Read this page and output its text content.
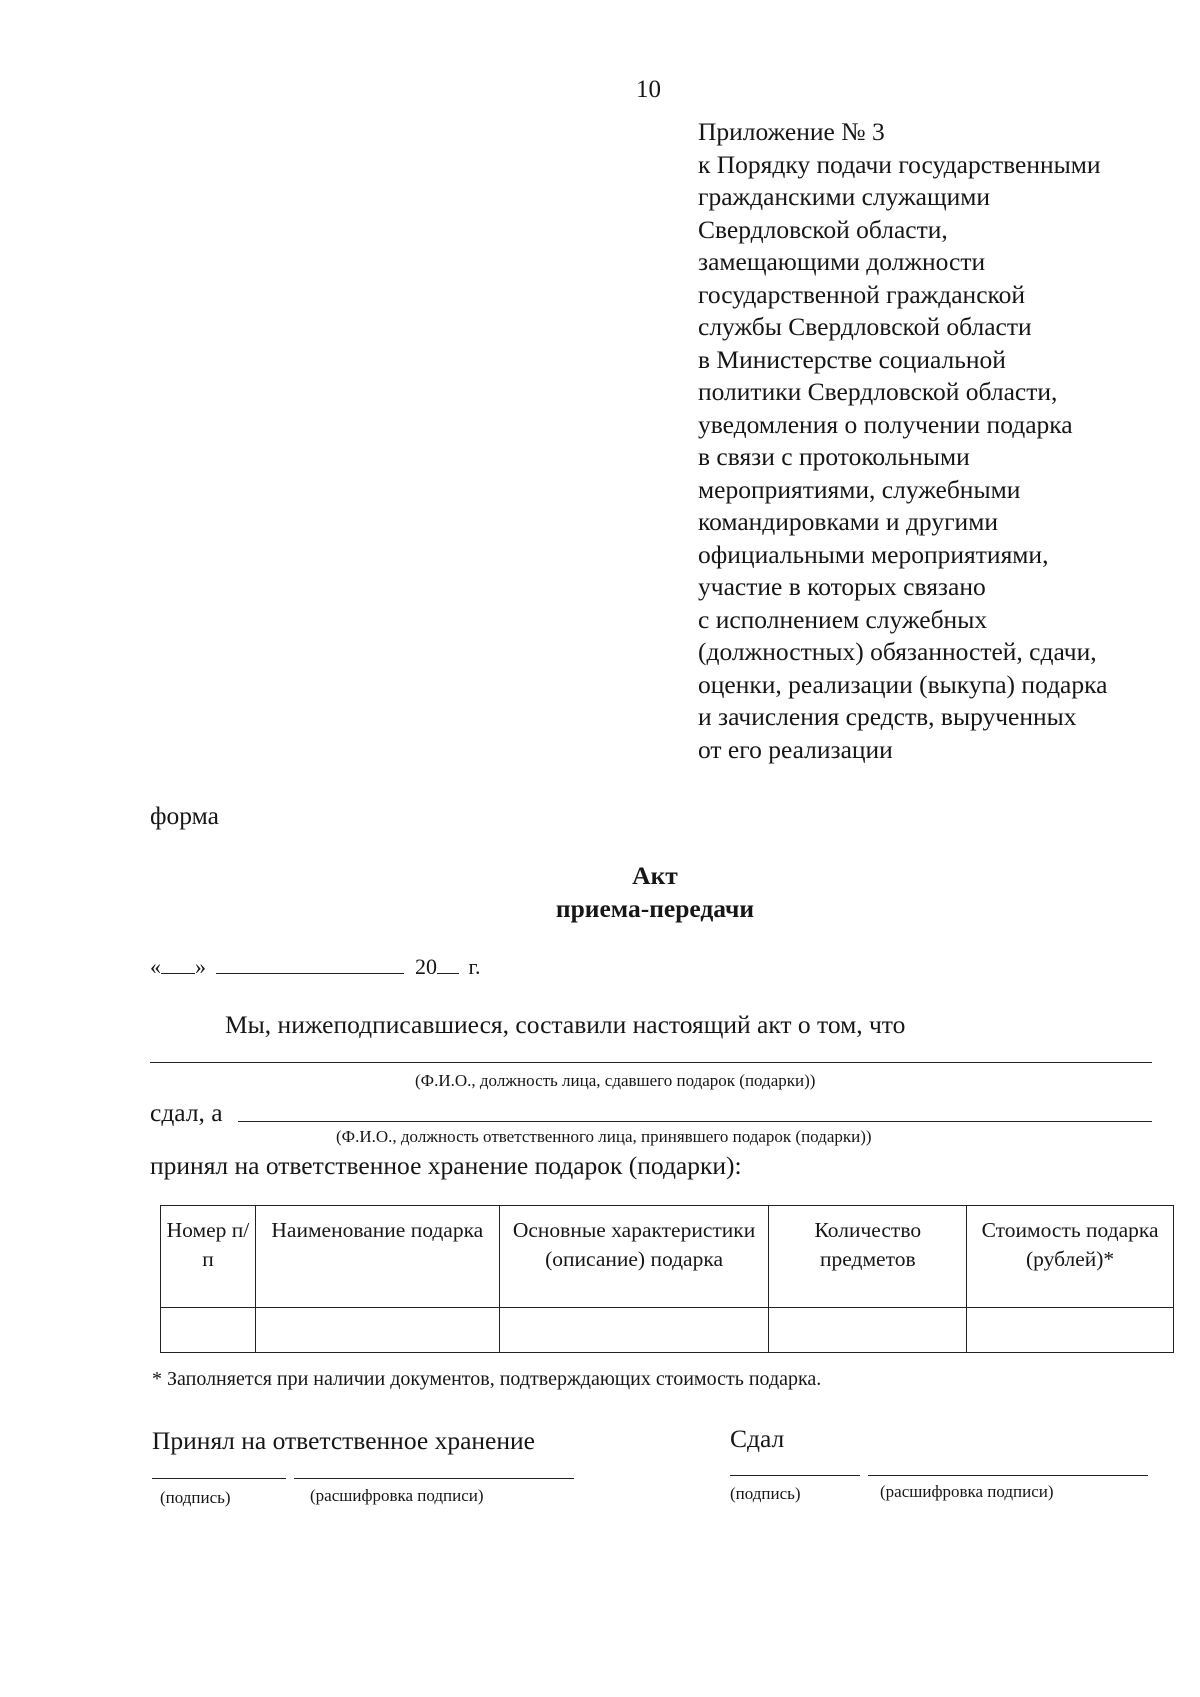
10
Приложение № 3
к Порядку подачи государственными
гражданскими служащими
Свердловской области,
замещающими должности
государственной гражданской
службы Свердловской области
в Министерстве социальной
политики Свердловской области,
уведомления о получении подарка
в связи с протокольными
мероприятиями, служебными
командировками и другими
официальными мероприятиями,
участие в которых связано
с исполнением служебных
(должностных) обязанностей, сдачи,
оценки, реализации (выкупа) подарка
и зачисления средств, вырученных
от его реализации
форма
Акт
приема-передачи
« »	20 г.
Мы, нижеподписавшиеся, составили настоящий акт о том, что
(Ф.И.О., должность лица, сдавшего подарок (подарки))
сдал, а
(Ф.И.О., должность ответственного лица, принявшего подарок (подарки))
принял на ответственное хранение подарок (подарки):
Номер п/п	Наименование подарка	Основные характеристики (описание) подарка	Количество предметов	Стоимость подарка (рублей)*

* Заполняется при наличии документов, подтверждающих стоимость подарка.
Принял на ответственное хранение
(подпись)	(расшифровка подписи)
Сдал
(подпись)	(расшифровка подписи)
